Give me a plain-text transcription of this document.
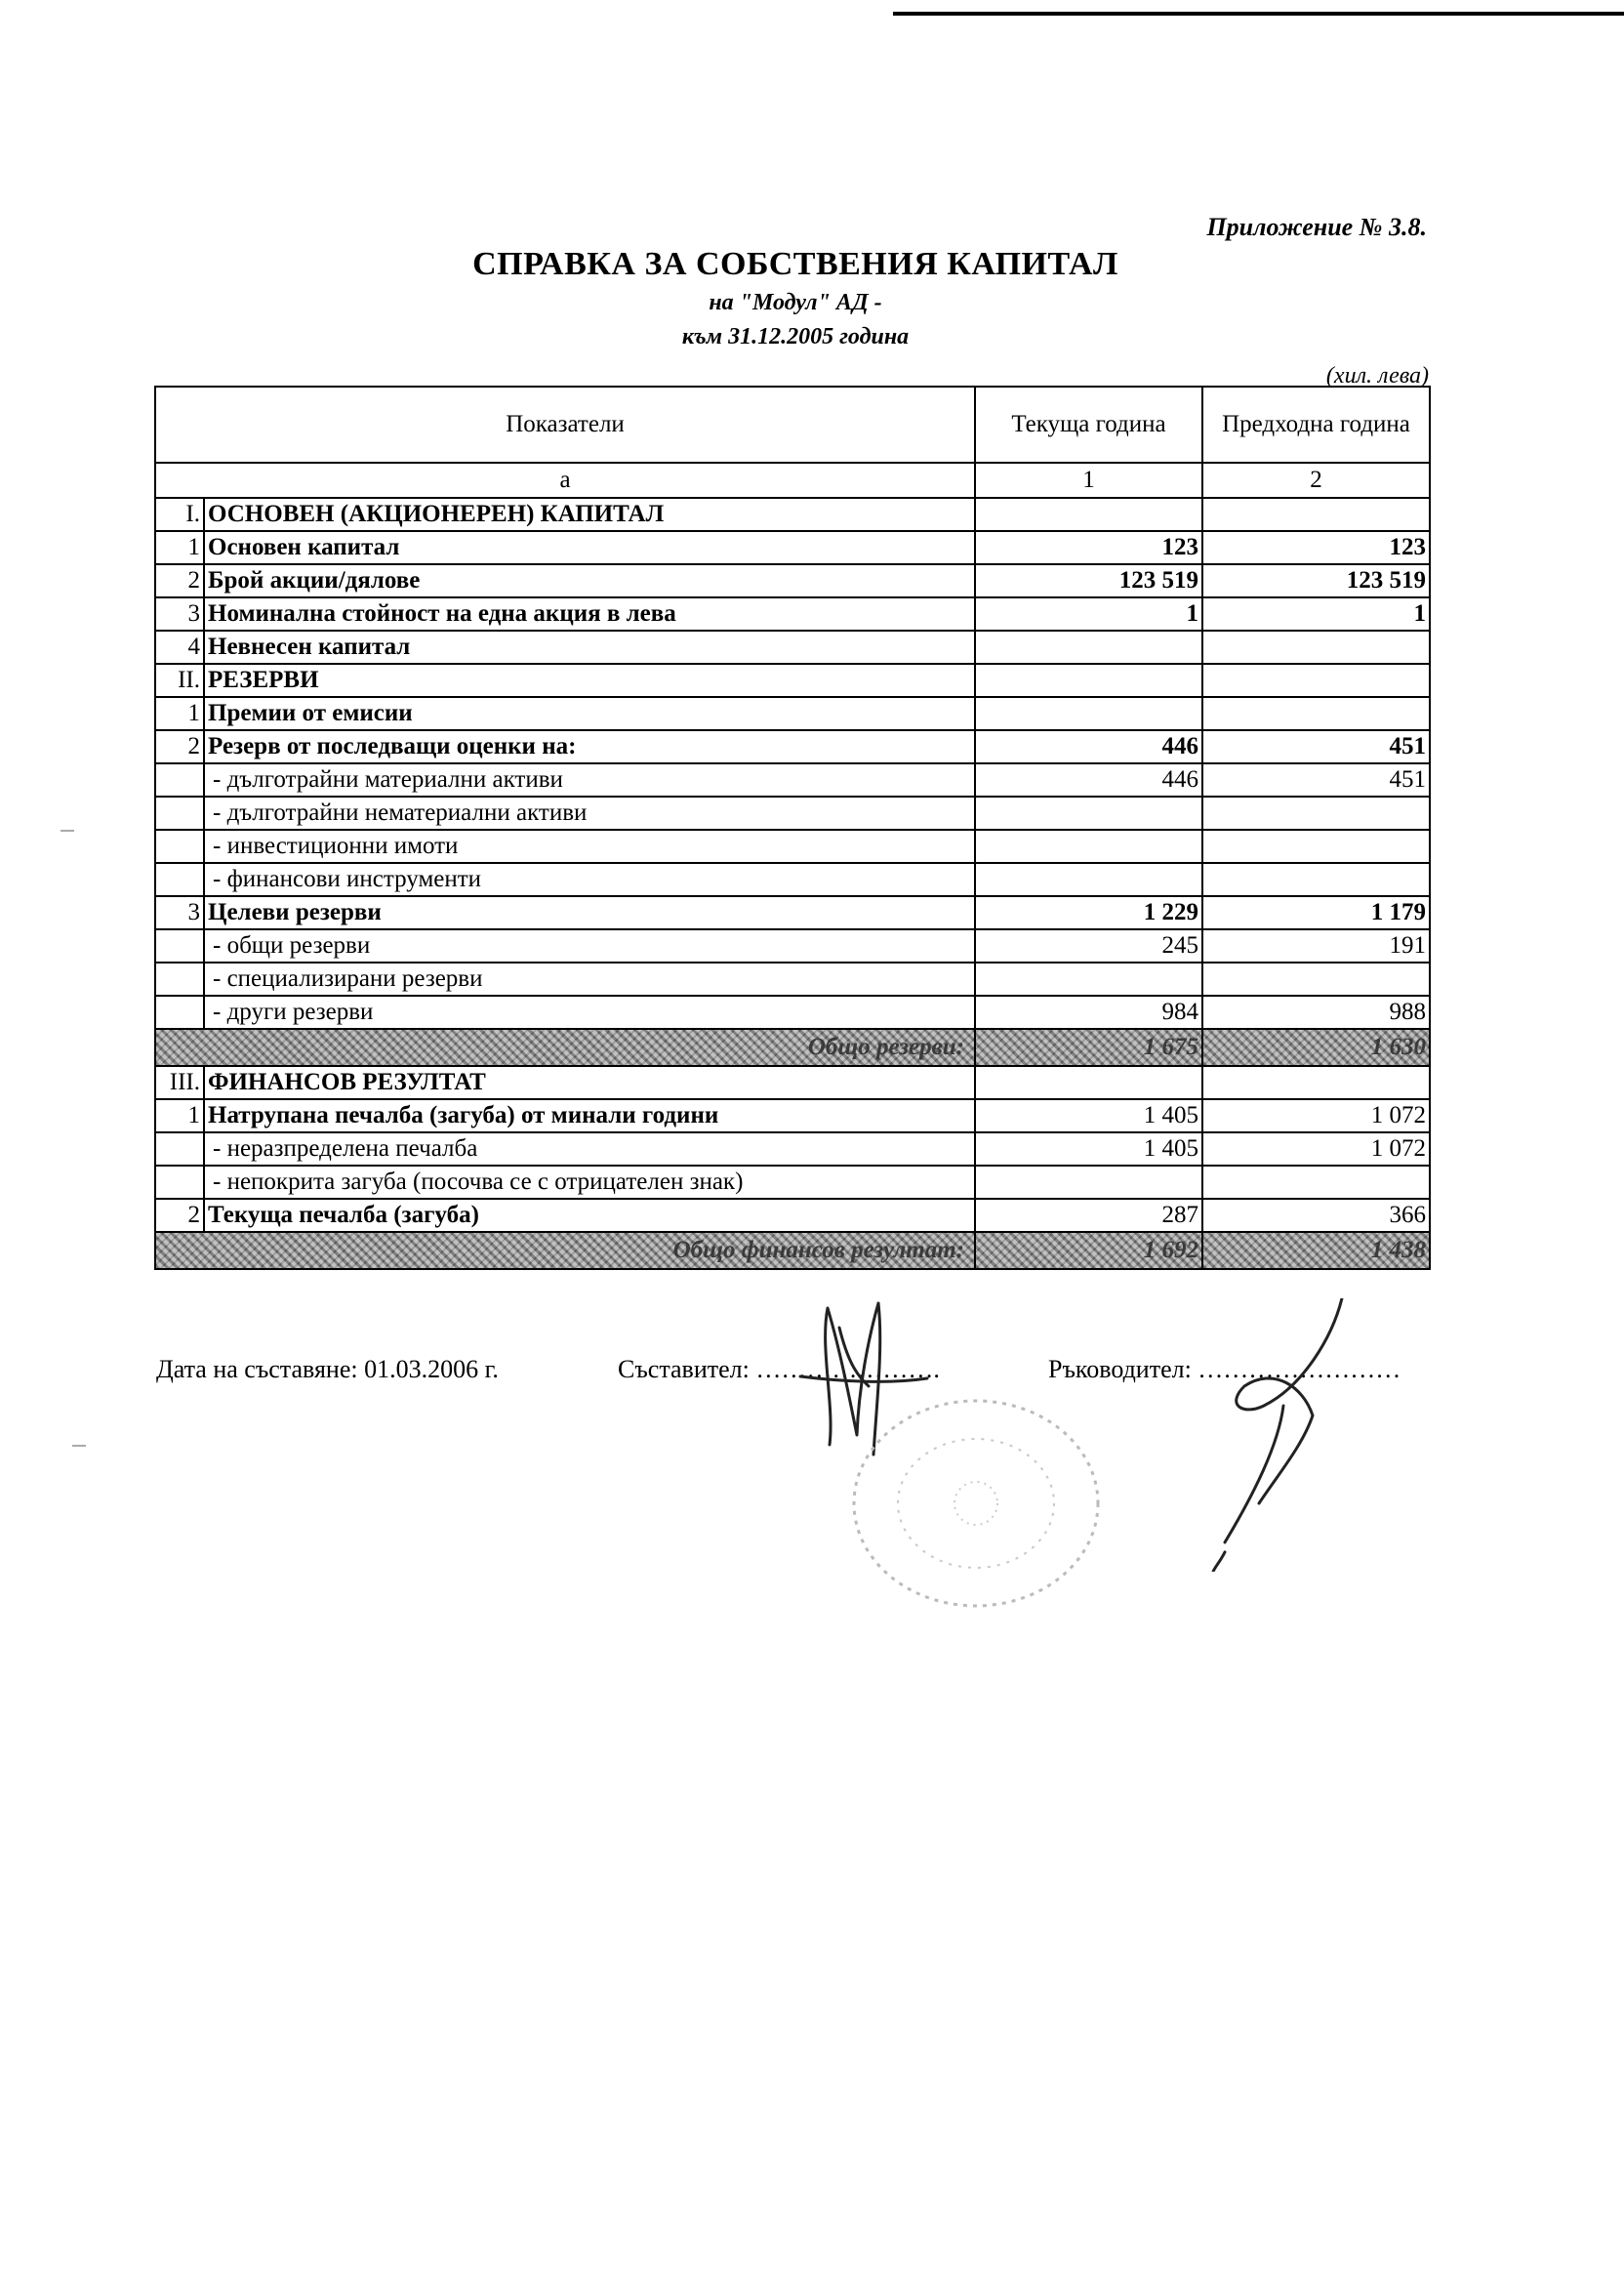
Приложение № 3.8.
СПРАВКА ЗА СОБСТВЕНИЯ КАПИТАЛ
на "Модул" АД -
към 31.12.2005 година
(хил. лева)
Показатели		Текуща година	Предходна година
а		1	2
I.	ОСНОВЕН (АКЦИОНЕРЕН) КАПИТАЛ		
1	Основен капитал	123	123
2	Брой акции/дялове	123 519	123 519
3	Номинална стойност на една акция в лева	1	1
4	Невнесен капитал		
II.	РЕЗЕРВИ		
1	Премии от емисии		
2	Резерв от последващи оценки на:	446	451
	- дълготрайни материални активи	446	451
	- дълготрайни нематериални активи		
	- инвестиционни имоти		
	- финансови инструменти		
3	Целеви резерви	1 229	1 179
	- общи резерви	245	191
	- специализирани резерви		
	- други резерви	984	988
Общо резерви:		1 675	1 630
III.	ФИНАНСОВ РЕЗУЛТАТ		
1	Натрупана печалба (загуба) от минали години	1 405	1 072
	- неразпределена печалба	1 405	1 072
	- непокрита загуба (посочва се с отрицателен знак)		
2	Текуща печалба (загуба)	287	366
Общо финансов резултат:		1 692	1 438
Дата на съставяне: 01.03.2006 г.	Съставител: ………………….	Ръководител: ……………………
